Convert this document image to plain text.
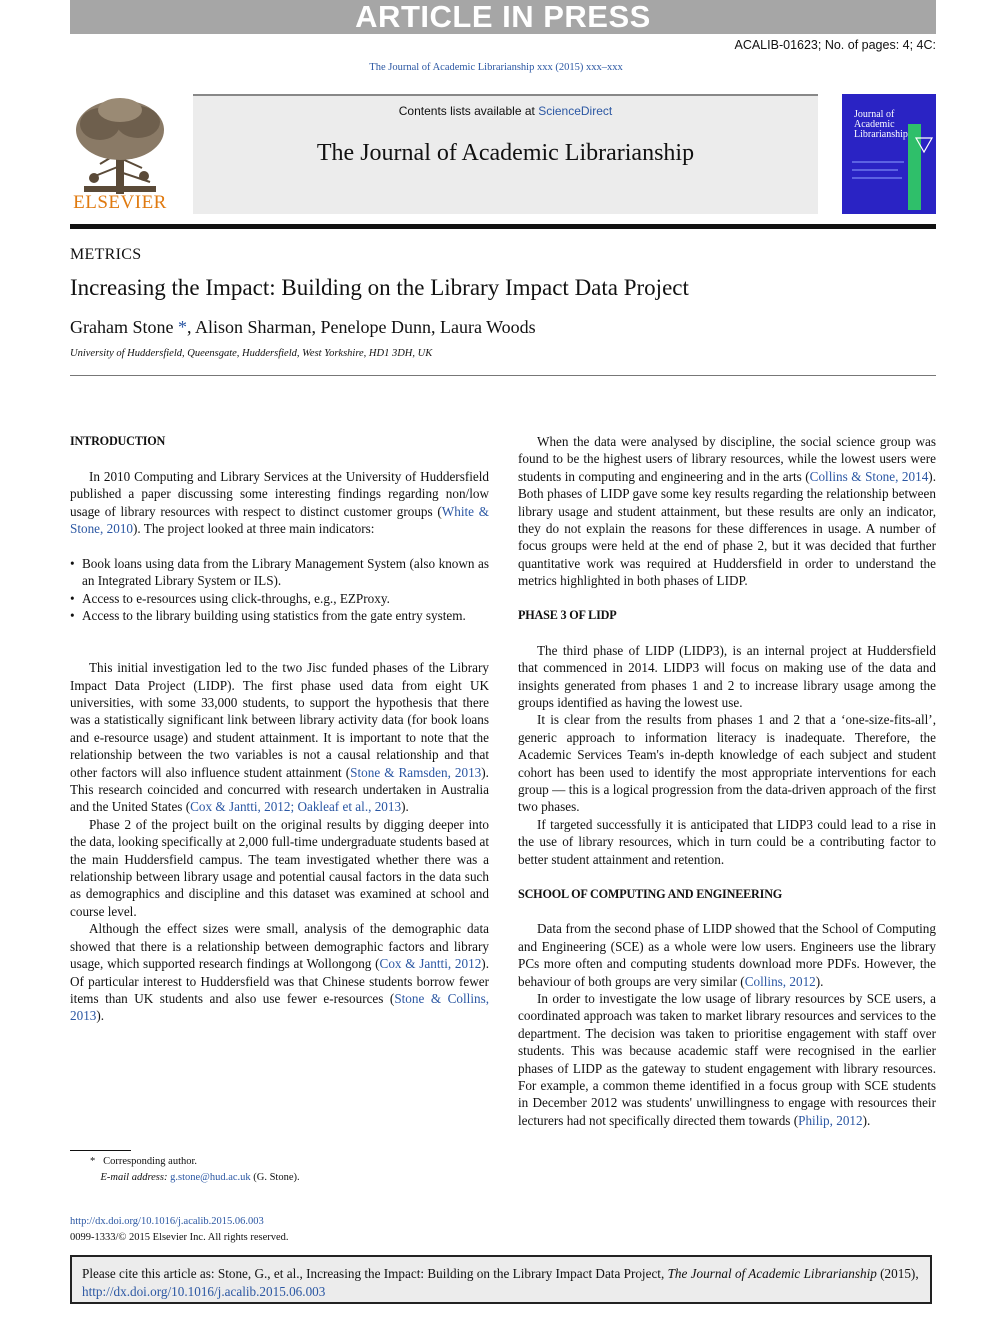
ARTICLE IN PRESS
ACALIB-01623; No. of pages: 4; 4C:
The Journal of Academic Librarianship xxx (2015) xxx–xxx
ELSEVIER
Contents lists available at ScienceDirect
The Journal of Academic Librarianship
Journal of
Academic
Librarianship
METRICS
Increasing the Impact: Building on the Library Impact Data Project
Graham Stone *, Alison Sharman, Penelope Dunn, Laura Woods
University of Huddersfield, Queensgate, Huddersfield, West Yorkshire, HD1 3DH, UK
INTRODUCTION

In 2010 Computing and Library Services at the University of Huddersfield published a paper discussing some interesting findings regarding non/low usage of library resources with respect to distinct customer groups (White & Stone, 2010). The project looked at three main indicators:

• Book loans using data from the Library Management System (also known as an Integrated Library System or ILS).
• Access to e-resources using click-throughs, e.g., EZProxy.
• Access to the library building using statistics from the gate entry system.

This initial investigation led to the two Jisc funded phases of the Library Impact Data Project (LIDP). The first phase used data from eight UK universities, with some 33,000 students, to support the hypothesis that there was a statistically significant link between library activity data (for book loans and e-resource usage) and student attainment. It is important to note that the relationship between the two variables is not a causal relationship and that other factors will also influence student attainment (Stone & Ramsden, 2013). This research coincided and concurred with research undertaken in Australia and the United States (Cox & Jantti, 2012; Oakleaf et al., 2013).

Phase 2 of the project built on the original results by digging deeper into the data, looking specifically at 2,000 full-time undergraduate students based at the main Huddersfield campus. The team investigated whether there was a relationship between library usage and potential causal factors in the data such as demographics and discipline and this dataset was examined at school and course level.

Although the effect sizes were small, analysis of the demographic data showed that there is a relationship between demographic factors and library usage, which supported research findings at Wollongong (Cox & Jantti, 2012). Of particular interest to Huddersfield was that Chinese students borrow fewer items than UK students and also use fewer e-resources (Stone & Collins, 2013).

When the data were analysed by discipline, the social science group was found to be the highest users of library resources, while the lowest users were students in computing and engineering and in the arts (Collins & Stone, 2014). Both phases of LIDP gave some key results regarding the relationship between library usage and student attainment, but these results are only an indicator, they do not explain the reasons for these differences in usage. A number of focus groups were held at the end of phase 2, but it was decided that further quantitative work was required at Huddersfield in order to understand the metrics highlighted in both phases of LIDP.

PHASE 3 OF LIDP

The third phase of LIDP (LIDP3), is an internal project at Huddersfield that commenced in 2014. LIDP3 will focus on making use of the data and insights generated from phases 1 and 2 to increase library usage among the groups identified as having the lowest use.

It is clear from the results from phases 1 and 2 that a ‘one-size-fits-all’, generic approach to information literacy is inadequate. Therefore, the Academic Services Team's in-depth knowledge of each subject and student cohort has been used to identify the most appropriate interventions for each group — this is a logical progression from the data-driven approach of the first two phases.

If targeted successfully it is anticipated that LIDP3 could lead to a rise in the use of library resources, which in turn could be a contributing factor to better student attainment and retention.

SCHOOL OF COMPUTING AND ENGINEERING

Data from the second phase of LIDP showed that the School of Computing and Engineering (SCE) as a whole were low users. Engineers use the library PCs more often and computing students download more PDFs. However, the behaviour of both groups are very similar (Collins, 2012).

In order to investigate the low usage of library resources by SCE users, a coordinated approach was taken to market library resources and services to the department. The decision was taken to prioritise engagement with staff over students. This was because academic staff were recognised in the earlier phases of LIDP as the gateway to student engagement with library resources. For example, a common theme identified in a focus group with SCE students in December 2012 was students' unwillingness to engage with resources their lecturers had not specifically directed them towards (Philip, 2012).

* Corresponding author.
E-mail address: g.stone@hud.ac.uk (G. Stone).
http://dx.doi.org/10.1016/j.acalib.2015.06.003
0099-1333/© 2015 Elsevier Inc. All rights reserved.
Please cite this article as: Stone, G., et al., Increasing the Impact: Building on the Library Impact Data Project, The Journal of Academic Librarianship (2015), http://dx.doi.org/10.1016/j.acalib.2015.06.003
